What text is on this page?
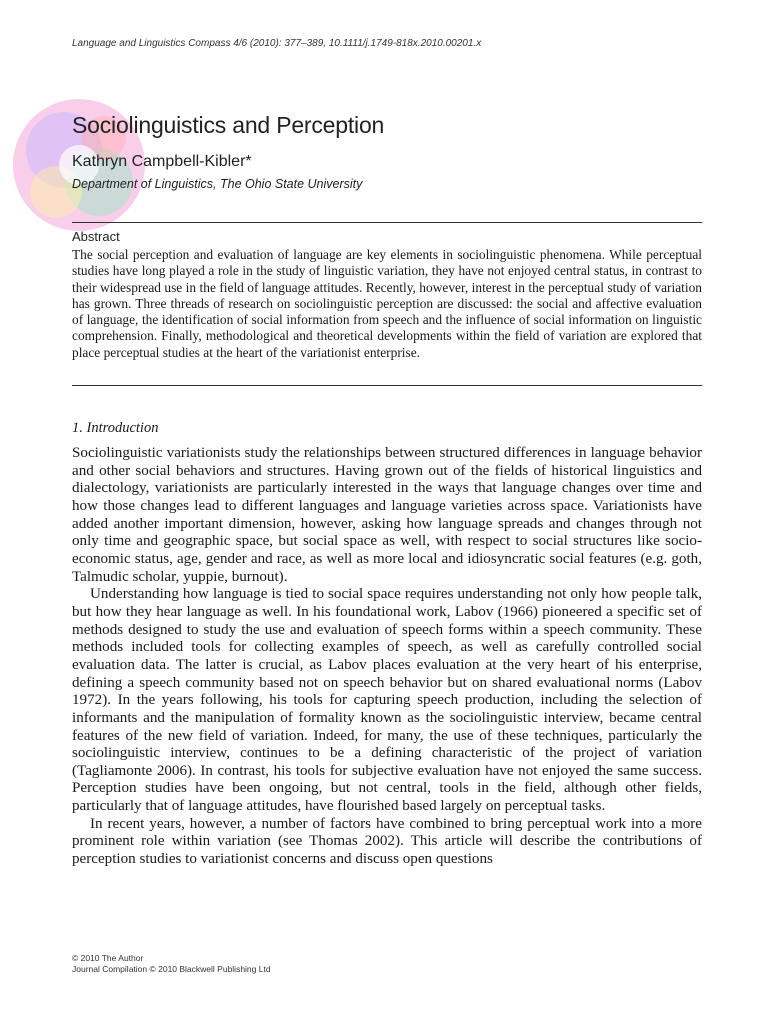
Language and Linguistics Compass 4/6 (2010): 377–389, 10.1111/j.1749-818x.2010.00201.x
Sociolinguistics and Perception
Kathryn Campbell-Kibler*
Department of Linguistics, The Ohio State University
Abstract

The social perception and evaluation of language are key elements in sociolinguistic phenomena. While perceptual studies have long played a role in the study of linguistic variation, they have not enjoyed central status, in contrast to their widespread use in the field of language attitudes. Recently, however, interest in the perceptual study of variation has grown. Three threads of research on sociolinguistic perception are discussed: the social and affective evaluation of language, the identification of social information from speech and the influence of social information on linguistic comprehension. Finally, methodological and theoretical developments within the field of variation are explored that place perceptual studies at the heart of the variationist enterprise.

1. Introduction

Sociolinguistic variationists study the relationships between structured differences in language behavior and other social behaviors and structures. Having grown out of the fields of historical linguistics and dialectology, variationists are particularly interested in the ways that language changes over time and how those changes lead to different languages and language varieties across space. Variationists have added another important dimension, however, asking how language spreads and changes through not only time and geographic space, but social space as well, with respect to social structures like socio-economic status, age, gender and race, as well as more local and idiosyncratic social features (e.g. goth, Talmudic scholar, yuppie, burnout).

Understanding how language is tied to social space requires understanding not only how people talk, but how they hear language as well. In his foundational work, Labov (1966) pioneered a specific set of methods designed to study the use and evaluation of speech forms within a speech community. These methods included tools for collecting examples of speech, as well as carefully controlled social evaluation data. The latter is crucial, as Labov places evaluation at the very heart of his enterprise, defining a speech community based not on speech behavior but on shared evaluational norms (Labov 1972). In the years following, his tools for capturing speech production, including the selection of informants and the manipulation of formality known as the sociolinguistic interview, became central features of the new field of variation. Indeed, for many, the use of these techniques, particularly the sociolinguistic interview, continues to be a defining characteristic of the project of variation (Tagliamonte 2006). In contrast, his tools for subjective evaluation have not enjoyed the same success. Perception studies have been ongoing, but not central, tools in the field, although other fields, particularly that of language attitudes, have flourished based largely on perceptual tasks.

In recent years, however, a number of factors have combined to bring perceptual work into a more prominent role within variation (see Thomas 2002). This article will describe the contributions of perception studies to variationist concerns and discuss open questions

© 2010 The Author
Journal Compilation © 2010 Blackwell Publishing Ltd
